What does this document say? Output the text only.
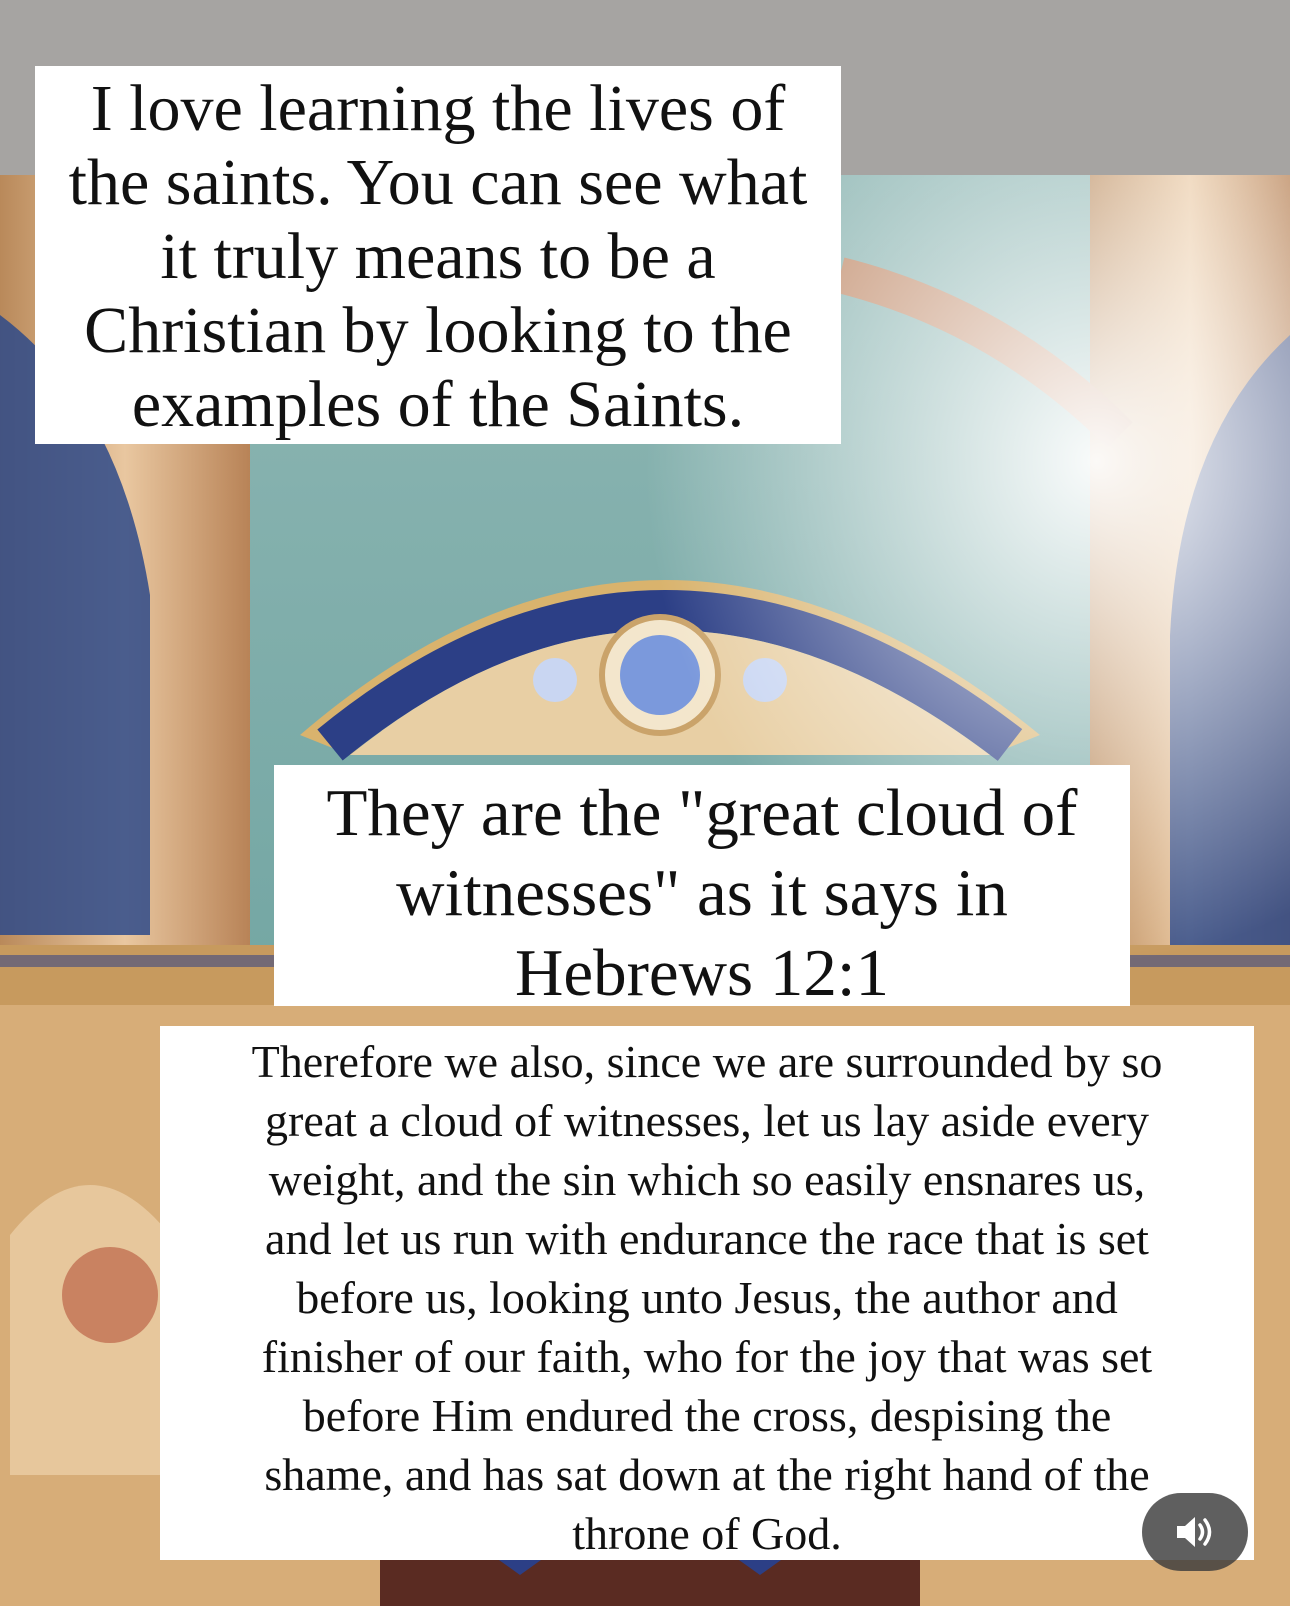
I love learning the lives of
the saints. You can see what
it truly means to be a
Christian by looking to the
examples of the Saints.
They are the "great cloud of
witnesses" as it says in
Hebrews 12:1
Therefore we also, since we are surrounded by so
great a cloud of witnesses, let us lay aside every
weight, and the sin which so easily ensnares us,
and let us run with endurance the race that is set
before us, looking unto Jesus, the author and
finisher of our faith, who for the joy that was set
before Him endured the cross, despising the
shame, and has sat down at the right hand of the
throne of God.
